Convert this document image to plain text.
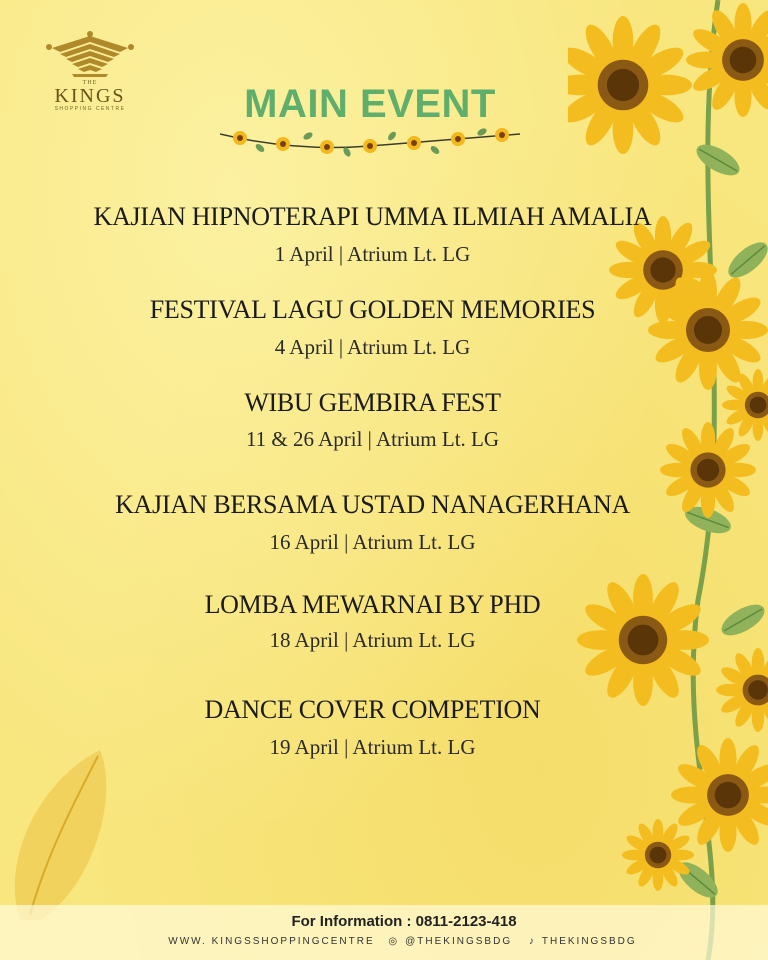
THE
KINGS
SHOPPING CENTRE	MAIN EVENT
KAJIAN HIPNOTERAPI UMMA ILMIAH AMALIA
1 April | Atrium Lt. LG
FESTIVAL LAGU GOLDEN MEMORIES
4 April | Atrium Lt. LG
WIBU GEMBIRA FEST
11 & 26 April | Atrium Lt. LG
KAJIAN BERSAMA USTAD NANAGERHANA
16 April | Atrium Lt. LG
LOMBA MEWARNAI BY PHD
18 April | Atrium Lt. LG
DANCE COVER COMPETION
19 April | Atrium Lt. LG
For Information : 0811-2123-418
WWW. KINGSSHOPPINGCENTRE ◎ @THEKINGSBDG ♪ THEKINGSBDG
